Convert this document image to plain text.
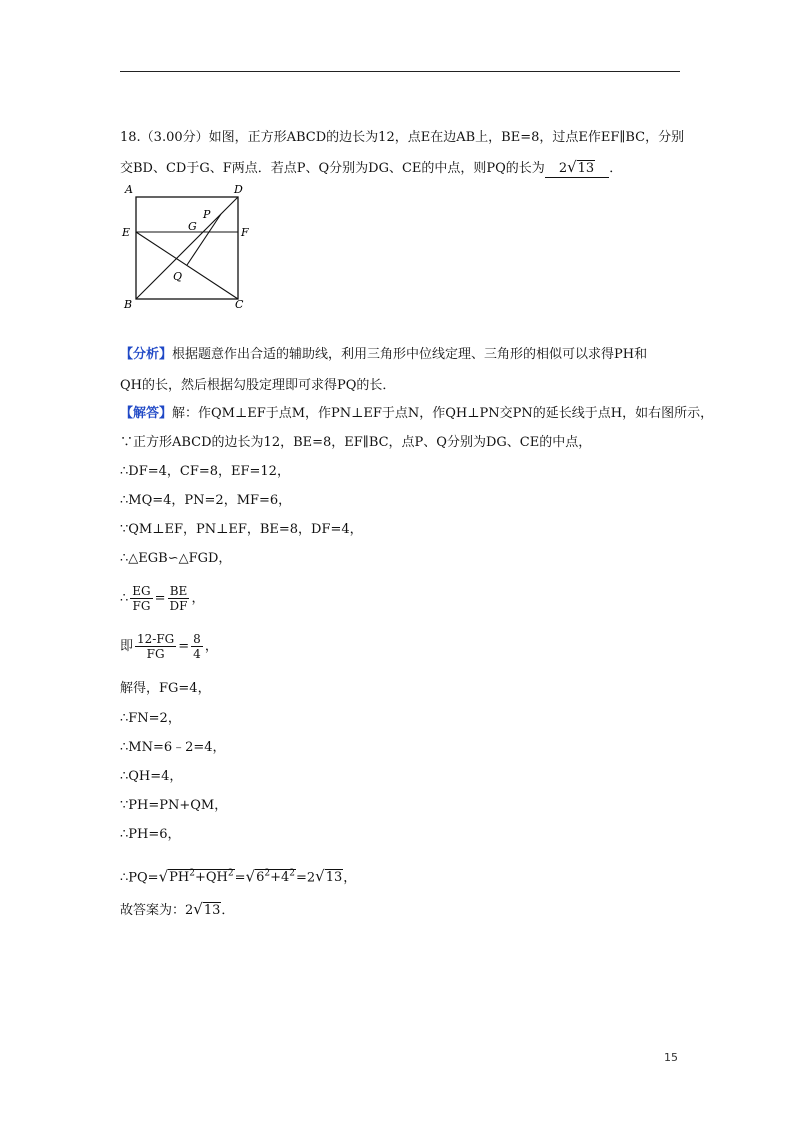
18.（3.00分）如图，正方形ABCD的边长为12，点E在边AB上，BE=8，过点E作EF∥BC，分别
交BD、CD于G、F两点．若点P、Q分别为DG、CE的中点，则PQ的长为 2√13 ．
A	D
E	F
G
P
Q
B	C
【分析】根据题意作出合适的辅助线，利用三角形中位线定理、三角形的相似可以求得PH和
QH的长，然后根据勾股定理即可求得PQ的长．
【解答】解：作QM⊥EF于点M，作PN⊥EF于点N，作QH⊥PN交PN的延长线于点H，如右图所示，
∵正方形ABCD的边长为12，BE=8，EF∥BC，点P、Q分别为DG、CE的中点，
∴DF=4，CF=8，EF=12，
∴MQ=4，PN=2，MF=6，
∵QM⊥EF，PN⊥EF，BE=8，DF=4，
∴△EGB∽△FGD，
∴ $\frac{EG}{FG} = \frac{BE}{DF}$ ，
即 $\frac{12-FG}{FG} = \frac{8}{4}$ ，
解得，FG=4，
∴FN=2，
∴MN=6﹣2=4，
∴QH=4，
∵PH=PN+QM，
∴PH=6，
$\therefore PQ=√PH^2+QH^2=√6^2+4^2=2√13$，
故答案为：2√13．
15
